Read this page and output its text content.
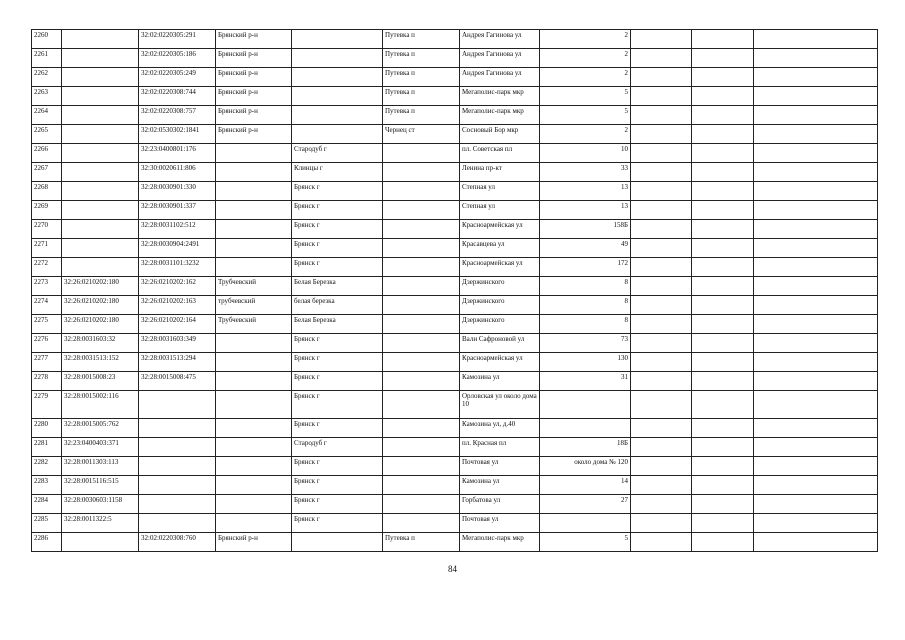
2260		32:02:0220305:291	Брянский р-н		Путевка п	Андрея Гагинова ул	2			
2261		32:02:0220305:186	Брянский р-н		Путевка п	Андрея Гагинова ул	2			
2262		32:02:0220305:249	Брянский р-н		Путевка п	Андрея Гагинова ул	2			
2263		32:02:0220308:744	Брянский р-н		Путевка п	Мегаполис-парк мкр	5			
2264		32:02:0220308:757	Брянский р-н		Путевка п	Мегаполис-парк мкр	5			
2265		32:02:0530302:1841	Брянский р-н		Чернец ст	Сосновый Бор мкр	2			
2266		32:23:0400801:176		Стародуб г		пл. Советская пл	10			
2267		32:30:0020611:806		Клинцы г		Ленина пр-кт	33			
2268		32:28:0030901:330		Брянск г		Степная ул	13			
2269		32:28:0030901:337		Брянск г		Степная ул	13			
2270		32:28:0031102:512		Брянск г		Красноармейская ул	158Б			
2271		32:28:0030904:2491		Брянск г		Красавцева ул	49			
2272		32:28:0031101:3232		Брянск г		Красноармейская ул	172			
2273	32:26:0210202:180	32:26:0210202:162	Трубчевский	Белая Березка		Дзержинского	8			
2274	32:26:0210202:180	32:26:0210202:163	трубчевский	белая березка		Дзержинского	8			
2275	32:26:0210202:180	32:26:0210202:164	Трубчевский	Белая Березка		Дзержинского	8			
2276	32:28:0031603:32	32:28:0031603:349		Брянск г		Вали Сафроновой ул	73			
2277	32:28:0031513:152	32:28:0031513:294		Брянск г		Красноармейская ул	130			
2278	32:28:0015008:23	32:28:0015008:475		Брянск г		Камозина ул	31			
2279	32:28:0015002:116			Брянск г		Орловская ул около дома 10				
2280	32:28:0015005:762			Брянск г		Камозина ул, д.40				
2281	32:23:0400403:371			Стародуб г		пл. Красная пл	18Б			
2282	32:28:0011303:113			Брянск г		Почтовая ул	около дома № 120			
2283	32:28:0015116:515			Брянск г		Камозина ул	14			
2284	32:28:0030603:1158			Брянск г		Горбатова ул	27			
2285	32:28:0011322:5			Брянск г		Почтовая ул				
2286		32:02:0220308:760	Брянский р-н		Путевка п	Мегаполис-парк мкр	5			
84
